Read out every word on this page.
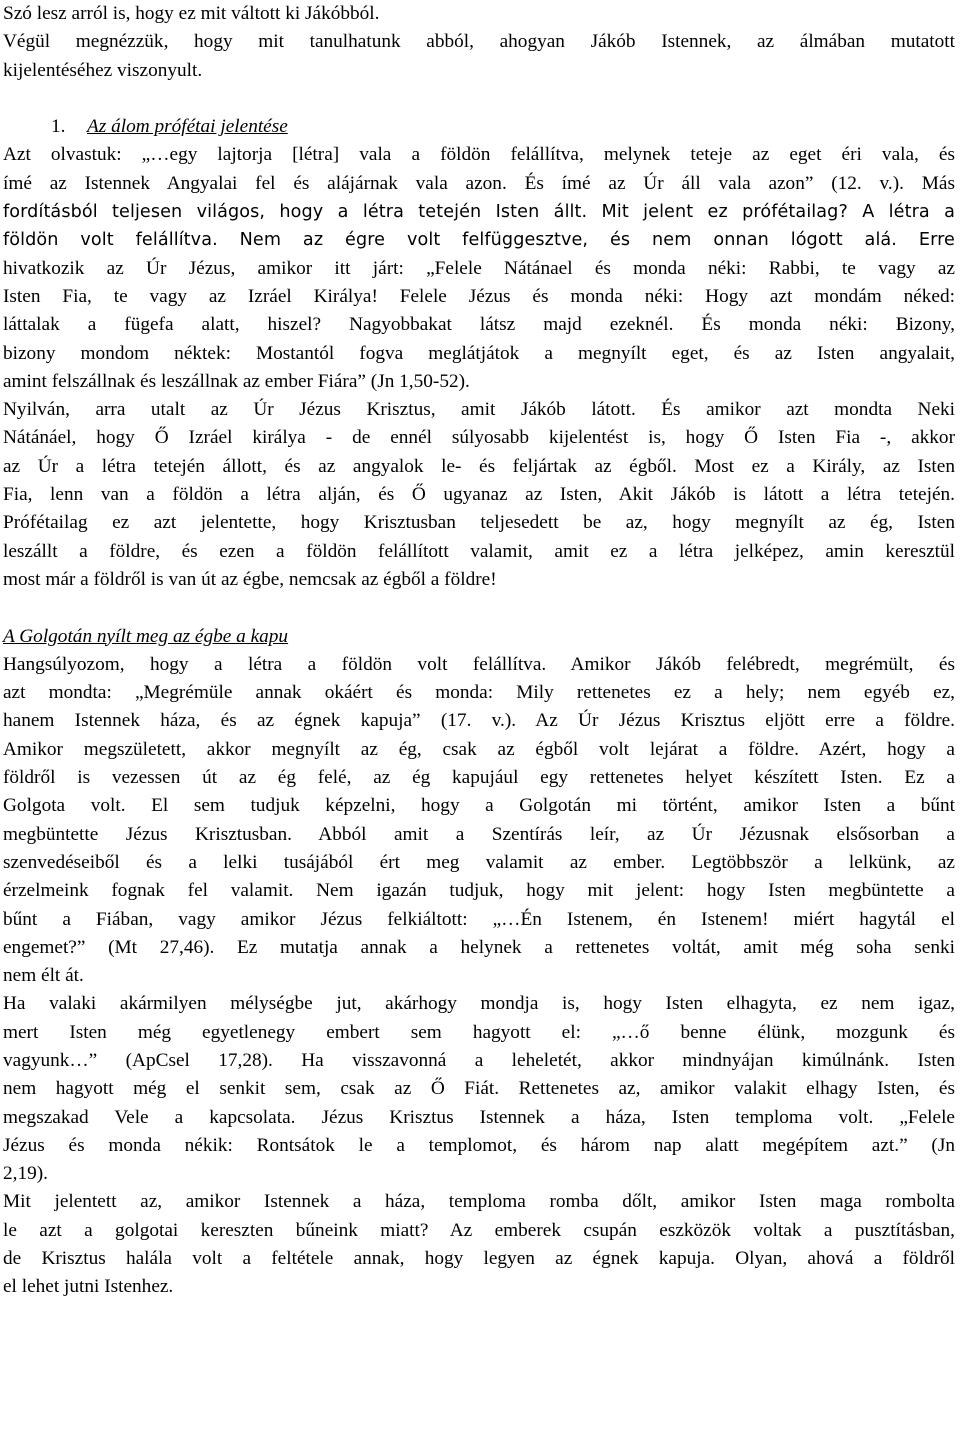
Szó lesz arról is, hogy ez mit váltott ki Jákóbból.
Végül megnézzük, hogy mit tanulhatunk abból, ahogyan Jákób Istennek, az álmában mutatott
kijelentéséhez viszonyult.
1. Az álom prófétai jelentése
Azt olvastuk: „…egy lajtorja [létra] vala a földön felállítva, melynek teteje az eget éri vala, és
ímé az Istennek Angyalai fel és alájárnak vala azon. És ímé az Úr áll vala azon” (12. v.). Más
fordításból teljesen világos, hogy a létra tetején Isten állt. Mit jelent ez prófétailag? A létra a
földön volt felállítva. Nem az égre volt felfüggesztve, és nem onnan lógott alá. Erre
hivatkozik az Úr Jézus, amikor itt járt: „Felele Nátánael és monda néki: Rabbi, te vagy az
Isten Fia, te vagy az Izráel Királya! Felele Jézus és monda néki: Hogy azt mondám néked:
láttalak a fügefa alatt, hiszel? Nagyobbakat látsz majd ezeknél. És monda néki: Bizony,
bizony mondom néktek: Mostantól fogva meglátjátok a megnyílt eget, és az Isten angyalait,
amint felszállnak és leszállnak az ember Fiára” (Jn 1,50-52).
Nyilván, arra utalt az Úr Jézus Krisztus, amit Jákób látott. És amikor azt mondta Neki
Nátánáel, hogy Ő Izráel királya - de ennél súlyosabb kijelentést is, hogy Ő Isten Fia -, akkor
az Úr a létra tetején állott, és az angyalok le- és feljártak az égből. Most ez a Király, az Isten
Fia, lenn van a földön a létra alján, és Ő ugyanaz az Isten, Akit Jákób is látott a létra tetején.
Prófétailag ez azt jelentette, hogy Krisztusban teljesedett be az, hogy megnyílt az ég, Isten
leszállt a földre, és ezen a földön felállított valamit, amit ez a létra jelképez, amin keresztül
most már a földről is van út az égbe, nemcsak az égből a földre!
A Golgotán nyílt meg az égbe a kapu
Hangsúlyozom, hogy a létra a földön volt felállítva. Amikor Jákób felébredt, megrémült, és
azt mondta: „Megrémüle annak okáért és monda: Mily rettenetes ez a hely; nem egyéb ez,
hanem Istennek háza, és az égnek kapuja” (17. v.). Az Úr Jézus Krisztus eljött erre a földre.
Amikor megszületett, akkor megnyílt az ég, csak az égből volt lejárat a földre. Azért, hogy a
földről is vezessen út az ég felé, az ég kapujául egy rettenetes helyet készített Isten. Ez a
Golgota volt. El sem tudjuk képzelni, hogy a Golgotán mi történt, amikor Isten a bűnt
megbüntette Jézus Krisztusban. Abból amit a Szentírás leír, az Úr Jézusnak elsősorban a
szenvedéseiből és a lelki tusájából ért meg valamit az ember. Legtöbbször a lelkünk, az
érzelmeink fognak fel valamit. Nem igazán tudjuk, hogy mit jelent: hogy Isten megbüntette a
bűnt a Fiában, vagy amikor Jézus felkiáltott: „…Én Istenem, én Istenem! miért hagytál el
engemet?” (Mt 27,46). Ez mutatja annak a helynek a rettenetes voltát, amit még soha senki
nem élt át.
Ha valaki akármilyen mélységbe jut, akárhogy mondja is, hogy Isten elhagyta, ez nem igaz,
mert Isten még egyetlenegy embert sem hagyott el: „…ő benne élünk, mozgunk és
vagyunk…” (ApCsel 17,28). Ha visszavonná a leheletét, akkor mindnyájan kimúlnánk. Isten
nem hagyott még el senkit sem, csak az Ő Fiát. Rettenetes az, amikor valakit elhagy Isten, és
megszakad Vele a kapcsolata. Jézus Krisztus Istennek a háza, Isten temploma volt. „Felele
Jézus és monda nékik: Rontsátok le a templomot, és három nap alatt megépítem azt.” (Jn
2,19).
Mit jelentett az, amikor Istennek a háza, temploma romba dőlt, amikor Isten maga rombolta
le azt a golgotai kereszten bűneink miatt? Az emberek csupán eszközök voltak a pusztításban,
de Krisztus halála volt a feltétele annak, hogy legyen az égnek kapuja. Olyan, ahová a földről
el lehet jutni Istenhez.
